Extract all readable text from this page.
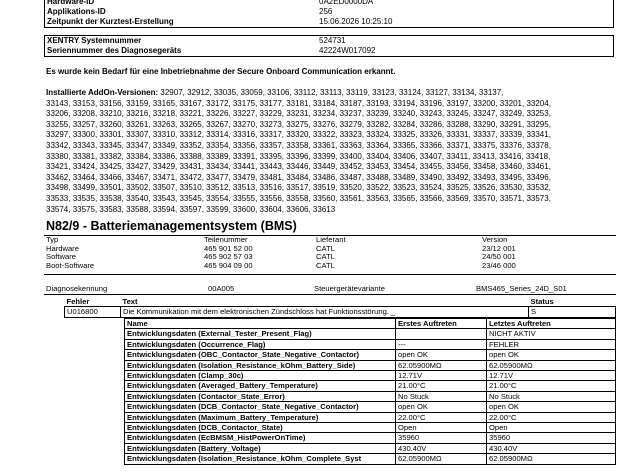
Hardware-ID	0A2ED0000DA
Applikations-ID	256
Zeitpunkt der Kurztest-Erstellung	15.06.2026 10:25:10
XENTRY Systemnummer	524731
Seriennummer des Diagnosegeräts	42224W017092
Es wurde kein Bedarf für eine Inbetriebnahme der Secure Onboard Communication erkannt.
Installierte AddOn-Versionen: 32907, 32912, 33035, 33059, 33106, 33112, 33113, 33119, 33123, 33124, 33127, 33134, 33137,
33143, 33153, 33156, 33159, 33165, 33167, 33172, 33175, 33177, 33181, 33184, 33187, 33193, 33194, 33196, 33197, 33200, 33201, 33204,
33206, 33208, 33210, 33216, 33218, 33221, 33226, 33227, 33229, 33231, 33234, 33237, 33239, 33240, 33243, 33245, 33247, 33249, 33253,
33255, 33257, 33260, 33261, 33263, 33265, 33267, 33270, 33273, 33275, 33276, 33279, 33282, 33284, 33286, 33288, 33290, 33291, 33295,
33297, 33300, 33301, 33307, 33310, 33312, 33314, 33316, 33317, 33320, 33322, 33323, 33324, 33325, 33326, 33331, 33337, 33339, 33341,
33342, 33343, 33345, 33347, 33349, 33352, 33354, 33356, 33357, 33358, 33361, 33363, 33364, 33365, 33366, 33371, 33375, 33376, 33378,
33380, 33381, 33382, 33384, 33386, 33388, 33389, 33391, 33395, 33396, 33399, 33400, 33404, 33406, 33407, 33411, 33413, 33416, 33418,
33421, 33424, 33425, 33427, 33429, 33431, 33434, 33441, 33443, 33446, 33449, 33452, 33453, 33454, 33455, 33456, 33458, 33460, 33461,
33462, 33464, 33466, 33467, 33471, 33472, 33477, 33479, 33481, 33484, 33486, 33487, 33488, 33489, 33490, 33492, 33493, 33495, 33496,
33498, 33499, 33501, 33502, 33507, 33510, 33512, 33513, 33516, 33517, 33519, 33520, 33522, 33523, 33524, 33525, 33526, 33530, 33532,
33533, 33535, 33538, 33540, 33543, 33545, 33554, 33555, 33556, 33558, 33560, 33561, 33563, 33565, 33566, 33569, 33570, 33571, 33573,
33574, 33575, 33583, 33588, 33594, 33597, 33599, 33600, 33604, 33606, 33613
N82/9 - Batteriemanagementsystem (BMS)
Typ	Teilenummer	Lieferant	Version
Hardware	465 901 52 00	CATL	23/12 001
Software	465 902 57 03	CATL	24/50 001
Boot-Software	465 904 09 00	CATL	23/46 000
Diagnosekennung	00A005	Steuergerätevariante	BMS465_Series_24D_S01
Fehler	Text	Status
U016800	Die Kommunikation mit dem elektronischen Zündschloss hat Funktionsstörung. _	S
Name	Erstes Auftreten	Letztes Auftreten
Entwicklungsdaten (External_Tester_Present_Flag)		NICHT AKTIV
Entwicklungsdaten (Occurrence_Flag)	---	FEHLER
Entwicklungsdaten (OBC_Contactor_State_Negative_Contactor)	open OK	open OK
Entwicklungsdaten (Isolation_Resistance_kOhm_Battery_Side)	62.05900MΩ	62.05900MΩ
Entwicklungsdaten (Clamp_30c)	12.71V	12.71V
Entwicklungsdaten (Averaged_Battery_Temperature)	21.00°C	21.00°C
Entwicklungsdaten (Contactor_State_Error)	No Stuck	No Stuck
Entwicklungsdaten (DCB_Contactor_State_Negative_Contactor)	open OK	open OK
Entwicklungsdaten (Maximum_Battery_Temperature)	22.00°C	22.00°C
Entwicklungsdaten (DCB_Contactor_State)	Open	Open
Entwicklungsdaten (EcBMSM_HistPowerOnTime)	35960	35960
Entwicklungsdaten (Battery_Voltage)	430.40V	430.40V
Entwicklungsdaten (Isolation_Resistance_kOhm_Complete_Syst	62.05900MΩ	62.05900MΩ
